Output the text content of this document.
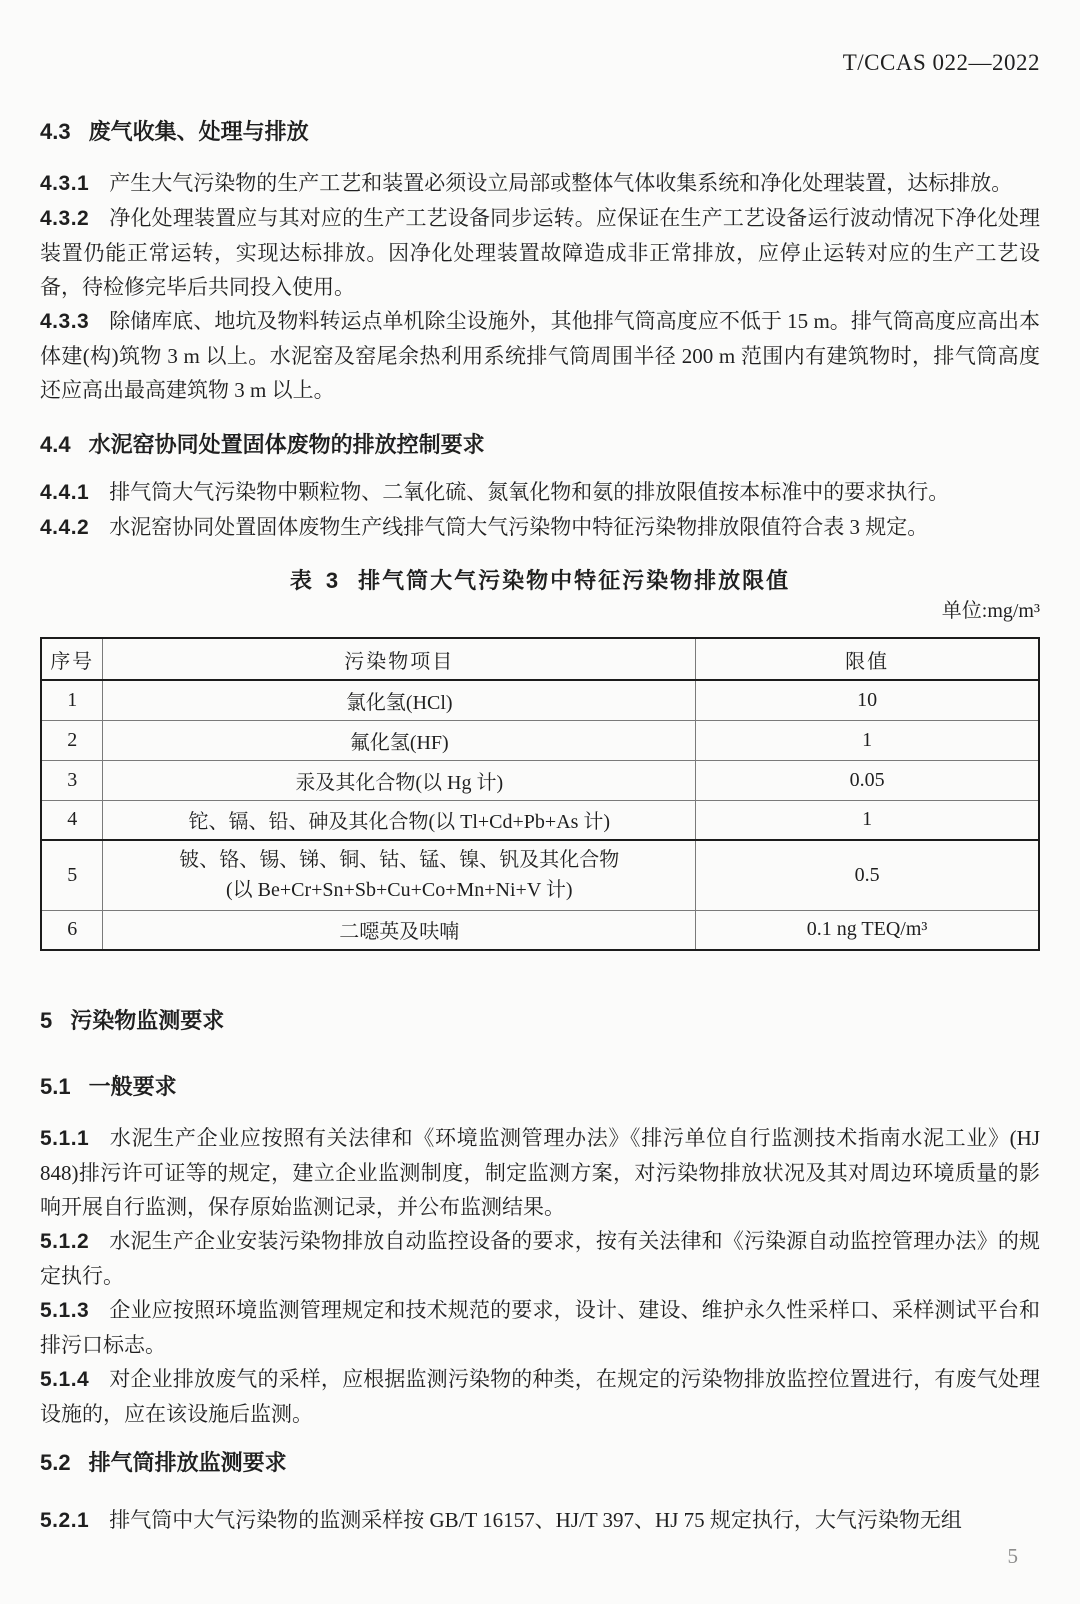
T/CCAS 022—2022
4.3 废气收集、处理与排放

4.3.1 产生大气污染物的生产工艺和装置必须设立局部或整体气体收集系统和净化处理装置，达标排放。

4.3.2 净化处理装置应与其对应的生产工艺设备同步运转。应保证在生产工艺设备运行波动情况下净化处理装置仍能正常运转，实现达标排放。因净化处理装置故障造成非正常排放，应停止运转对应的生产工艺设备，待检修完毕后共同投入使用。

4.3.3 除储库底、地坑及物料转运点单机除尘设施外，其他排气筒高度应不低于 15 m。排气筒高度应高出本体建(构)筑物 3 m 以上。水泥窑及窑尾余热利用系统排气筒周围半径 200 m 范围内有建筑物时，排气筒高度还应高出最高建筑物 3 m 以上。

4.4 水泥窑协同处置固体废物的排放控制要求

4.4.1 排气筒大气污染物中颗粒物、二氧化硫、氮氧化物和氨的排放限值按本标准中的要求执行。

4.4.2 水泥窑协同处置固体废物生产线排气筒大气污染物中特征污染物排放限值符合表 3 规定。

表 3 排气筒大气污染物中特征污染物排放限值
单位:mg/m³
序号	污染物项目	限值
1	氯化氢(HCl)	10
2	氟化氢(HF)	1
3	汞及其化合物(以 Hg 计)	0.05
4	铊、镉、铅、砷及其化合物(以 Tl+Cd+Pb+As 计)	1
5	铍、铬、锡、锑、铜、钴、锰、镍、钒及其化合物
(以 Be+Cr+Sn+Sb+Cu+Co+Mn+Ni+V 计)	0.5
6	二噁英及呋喃	0.1 ng TEQ/m³
5 污染物监测要求
5.1 一般要求

5.1.1 水泥生产企业应按照有关法律和《环境监测管理办法》《排污单位自行监测技术指南水泥工业》(HJ 848)排污许可证等的规定，建立企业监测制度，制定监测方案，对污染物排放状况及其对周边环境质量的影响开展自行监测，保存原始监测记录，并公布监测结果。

5.1.2 水泥生产企业安装污染物排放自动监控设备的要求，按有关法律和《污染源自动监控管理办法》的规定执行。

5.1.3 企业应按照环境监测管理规定和技术规范的要求，设计、建设、维护永久性采样口、采样测试平台和排污口标志。

5.1.4 对企业排放废气的采样，应根据监测污染物的种类，在规定的污染物排放监控位置进行，有废气处理设施的，应在该设施后监测。

5.2 排气筒排放监测要求

5.2.1 排气筒中大气污染物的监测采样按 GB/T 16157、HJ/T 397、HJ 75 规定执行，大气污染物无组

5
